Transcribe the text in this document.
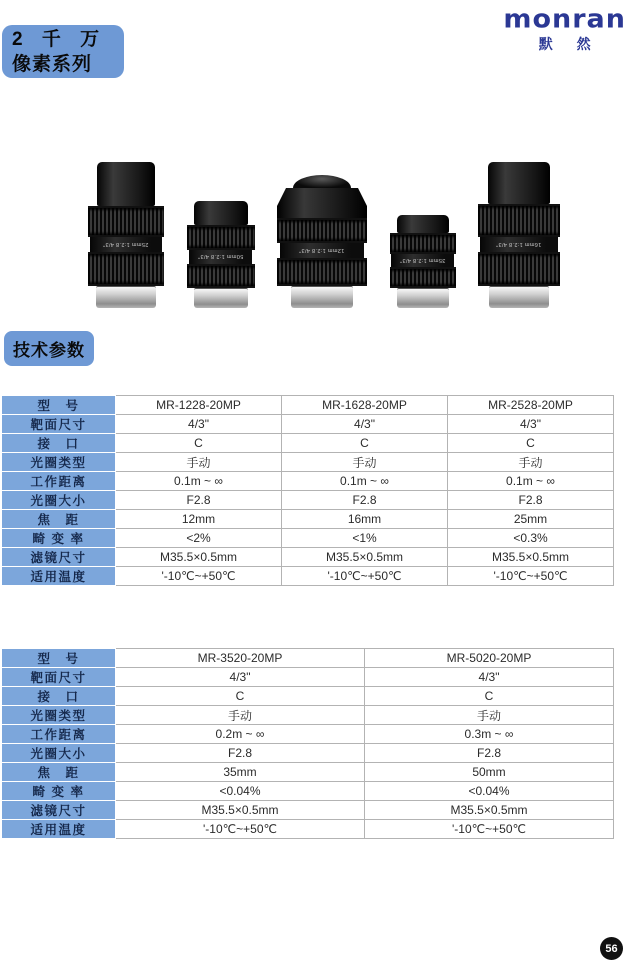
2 千 万
像素系列
monran
默 然
25mm 1:2.8 4/3"
50mm 1:2.8 4/3"
12mm 1:2.8 4/3"
35mm 1:2.8 4/3"
16mm 1:2.8 4/3"
技术参数
型　号	MR-1228-20MP	MR-1628-20MP	MR-2528-20MP
靶面尺寸	4/3"	4/3"	4/3"
接　口	C	C	C
光圈类型	手动	手动	手动
工作距离	0.1m ~ ∞	0.1m ~ ∞	0.1m ~ ∞
光圈大小	F2.8	F2.8	F2.8
焦　距	12mm	16mm	25mm
畸 变 率	<2%	<1%	<0.3%
滤镜尺寸	M35.5×0.5mm	M35.5×0.5mm	M35.5×0.5mm
适用温度	'-10℃~+50℃	'-10℃~+50℃	'-10℃~+50℃
型　号	MR-3520-20MP	MR-5020-20MP
靶面尺寸	4/3"	4/3"
接　口	C	C
光圈类型	手动	手动
工作距离	0.2m ~ ∞	0.3m ~ ∞
光圈大小	F2.8	F2.8
焦　距	35mm	50mm
畸 变 率	<0.04%	<0.04%
滤镜尺寸	M35.5×0.5mm	M35.5×0.5mm
适用温度	'-10℃~+50℃	'-10℃~+50℃
56
